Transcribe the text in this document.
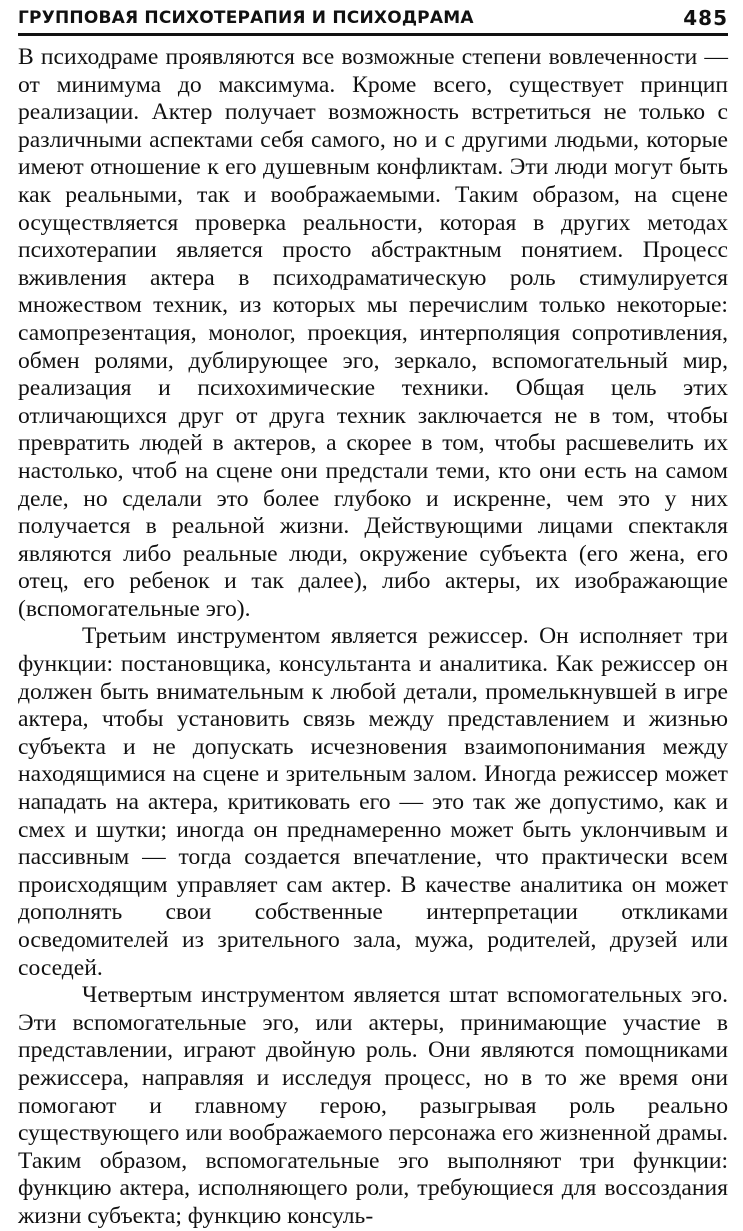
ГРУППОВАЯ ПСИХОТЕРАПИЯ И ПСИХОДРАМА	485

В психодраме проявляются все возможные степени вовлеченности — от минимума до максимума. Кроме всего, существует принцип реализации. Актер получает возможность встретиться не только с различными аспектами себя самого, но и с другими людьми, которые имеют отношение к его душевным конфликтам. Эти люди могут быть как реальными, так и воображаемыми. Таким образом, на сцене осуществляется проверка реальности, которая в других методах психотерапии является просто абстрактным понятием. Процесс вживления актера в психодраматическую роль стимулируется множеством техник, из которых мы перечислим только некоторые: самопрезентация, монолог, проекция, интерполяция сопротивления, обмен ролями, дублирующее эго, зеркало, вспомогательный мир, реализация и психохимические техники. Общая цель этих отличающихся друг от друга техник заключается не в том, чтобы превратить людей в актеров, а скорее в том, чтобы расшевелить их настолько, чтоб на сцене они предстали теми, кто они есть на самом деле, но сделали это более глубоко и искренне, чем это у них получается в реальной жизни. Действующими лицами спектакля являются либо реальные люди, окружение субъекта (его жена, его отец, его ребенок и так далее), либо актеры, их изображающие (вспомогательные эго).

Третьим инструментом является режиссер. Он исполняет три функции: постановщика, консультанта и аналитика. Как режиссер он должен быть внимательным к любой детали, промелькнувшей в игре актера, чтобы установить связь между представлением и жизнью субъекта и не допускать исчезновения взаимопонимания между находящимися на сцене и зрительным залом. Иногда режиссер может нападать на актера, критиковать его — это так же допустимо, как и смех и шутки; иногда он преднамеренно может быть уклончивым и пассивным — тогда создается впечатление, что практически всем происходящим управляет сам актер. В качестве аналитика он может дополнять свои собственные интерпретации откликами осведомителей из зрительного зала, мужа, родителей, друзей или соседей.

Четвертым инструментом является штат вспомогательных эго. Эти вспомогательные эго, или актеры, принимающие участие в представлении, играют двойную роль. Они являются помощниками режиссера, направляя и исследуя процесс, но в то же время они помогают и главному герою, разыгрывая роль реально существующего или воображаемого персонажа его жизненной драмы. Таким образом, вспомогательные эго выполняют три функции: функцию актера, исполняющего роли, требующиеся для воссоздания жизни субъекта; функцию консуль-
